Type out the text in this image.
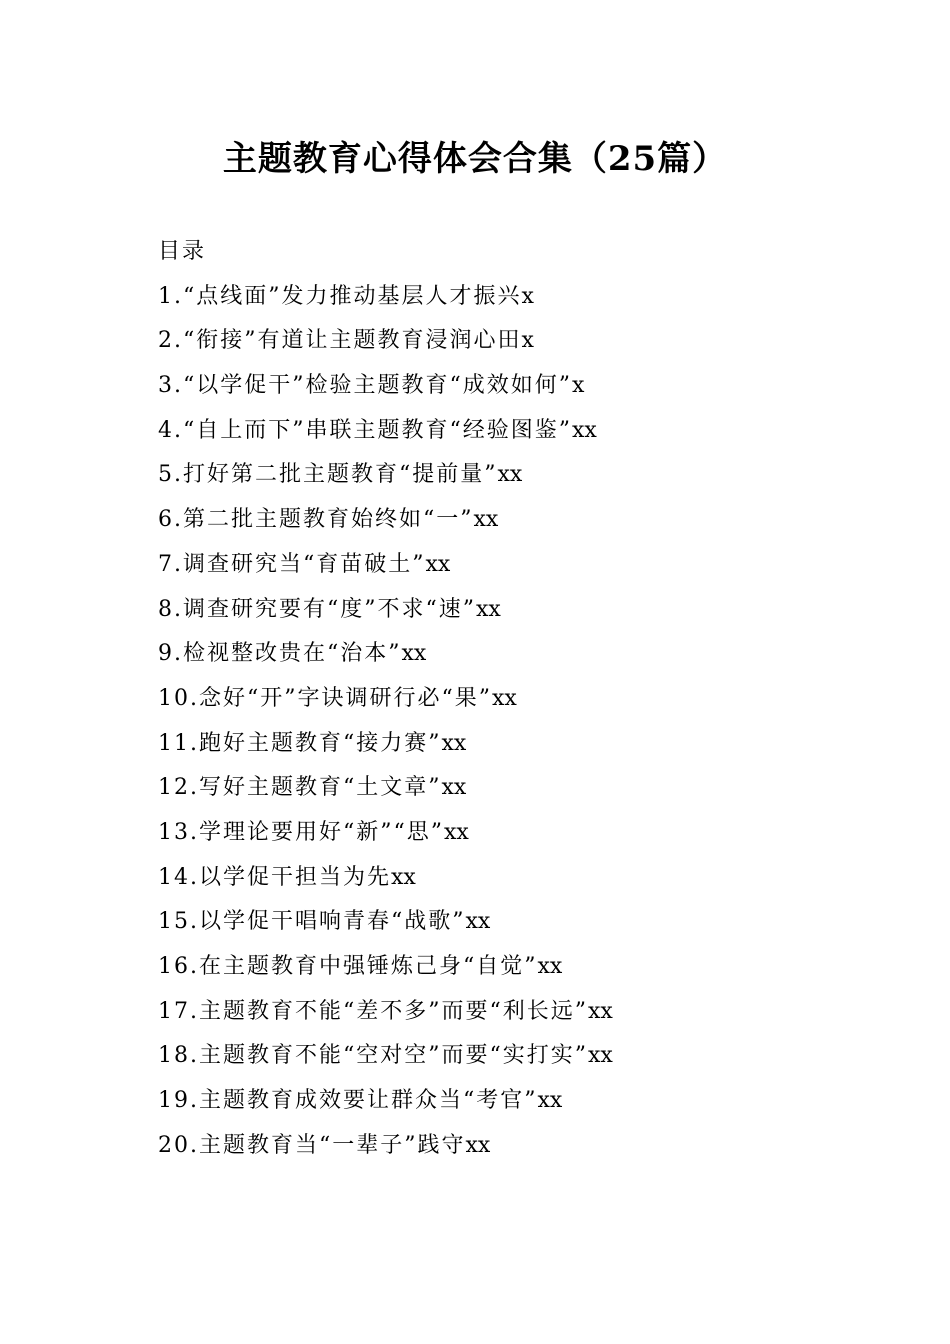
主题教育心得体会合集（25篇）
目录
1.“点线面”发力推动基层人才振兴x
2.“衔接”有道让主题教育浸润心田x
3.“以学促干”检验主题教育“成效如何”x
4.“自上而下”串联主题教育“经验图鉴”xx
5.打好第二批主题教育“提前量”xx
6.第二批主题教育始终如“一”xx
7.调查研究当“育苗破土”xx
8.调查研究要有“度”不求“速”xx
9.检视整改贵在“治本”xx
10.念好“开”字诀调研行必“果”xx
11.跑好主题教育“接力赛”xx
12.写好主题教育“土文章”xx
13.学理论要用好“新”“思”xx
14.以学促干担当为先xx
15.以学促干唱响青春“战歌”xx
16.在主题教育中强锤炼己身“自觉”xx
17.主题教育不能“差不多”而要“利长远”xx
18.主题教育不能“空对空”而要“实打实”xx
19.主题教育成效要让群众当“考官”xx
20.主题教育当“一辈子”践守xx
